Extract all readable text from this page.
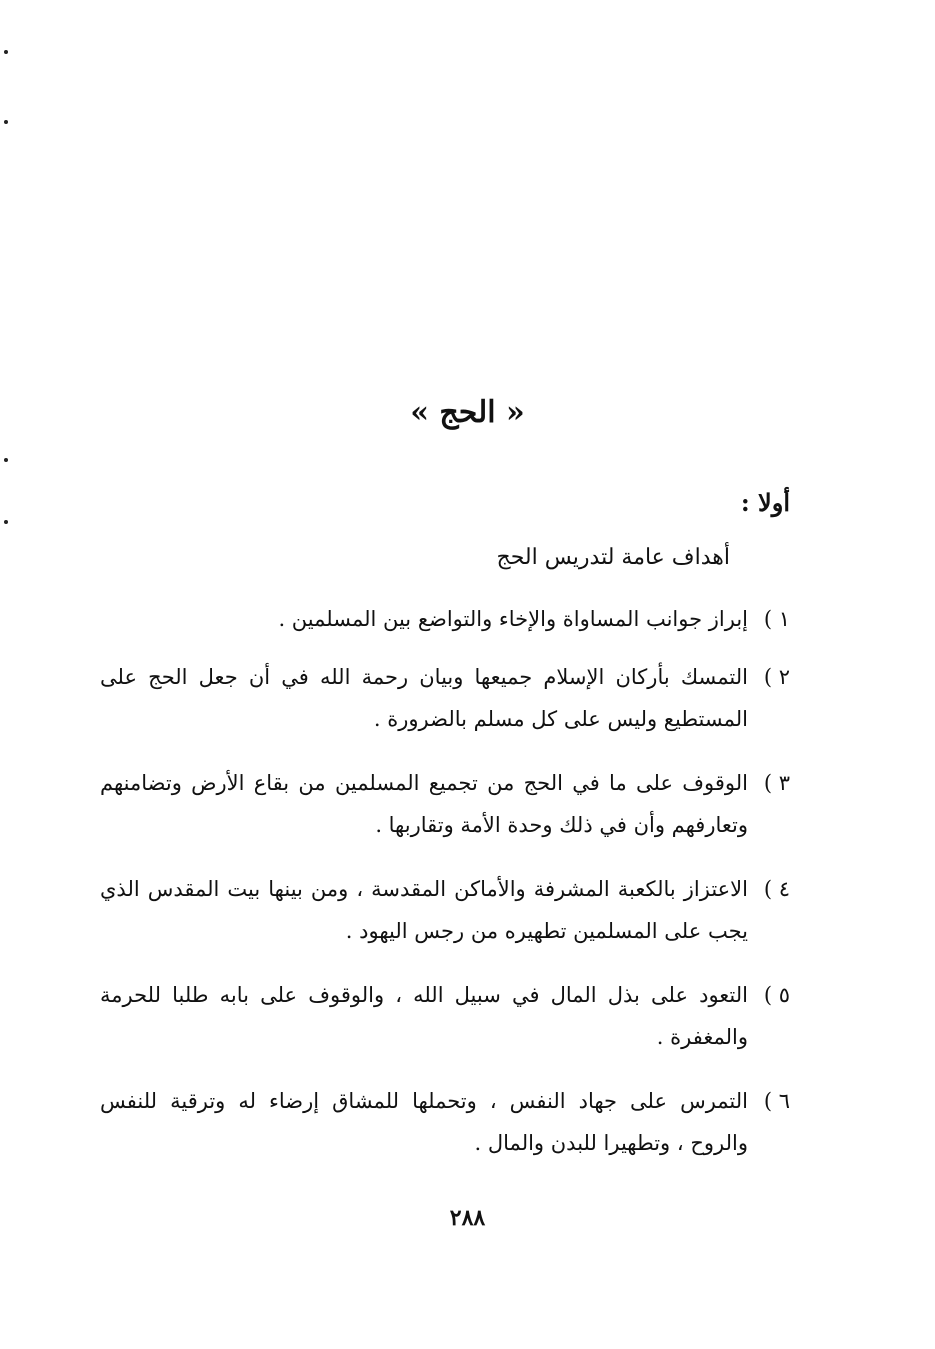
« الحج »
أولا :
أهداف عامة لتدريس الحج
١ )
إبراز جوانب المساواة والإخاء والتواضع بين المسلمين .
٢ )
التمسك بأركان الإسلام جميعها وبيان رحمة الله في أن جعل الحج على المستطيع وليس على كل مسلم بالضرورة .
٣ )
الوقوف على ما في الحج من تجميع المسلمين من بقاع الأرض وتضامنهم وتعارفهم وأن في ذلك وحدة الأمة وتقاربها .
٤ )
الاعتزاز بالكعبة المشرفة والأماكن المقدسة ، ومن بينها بيت المقدس الذي يجب على المسلمين تطهيره من رجس اليهود .
٥ )
التعود على بذل المال في سبيل الله ، والوقوف على بابه طلبا للحرمة والمغفرة .
٦ )
التمرس على جهاد النفس ، وتحملها للمشاق إرضاء له وترقية للنفس والروح ، وتطهيرا للبدن والمال .
٢٨٨
